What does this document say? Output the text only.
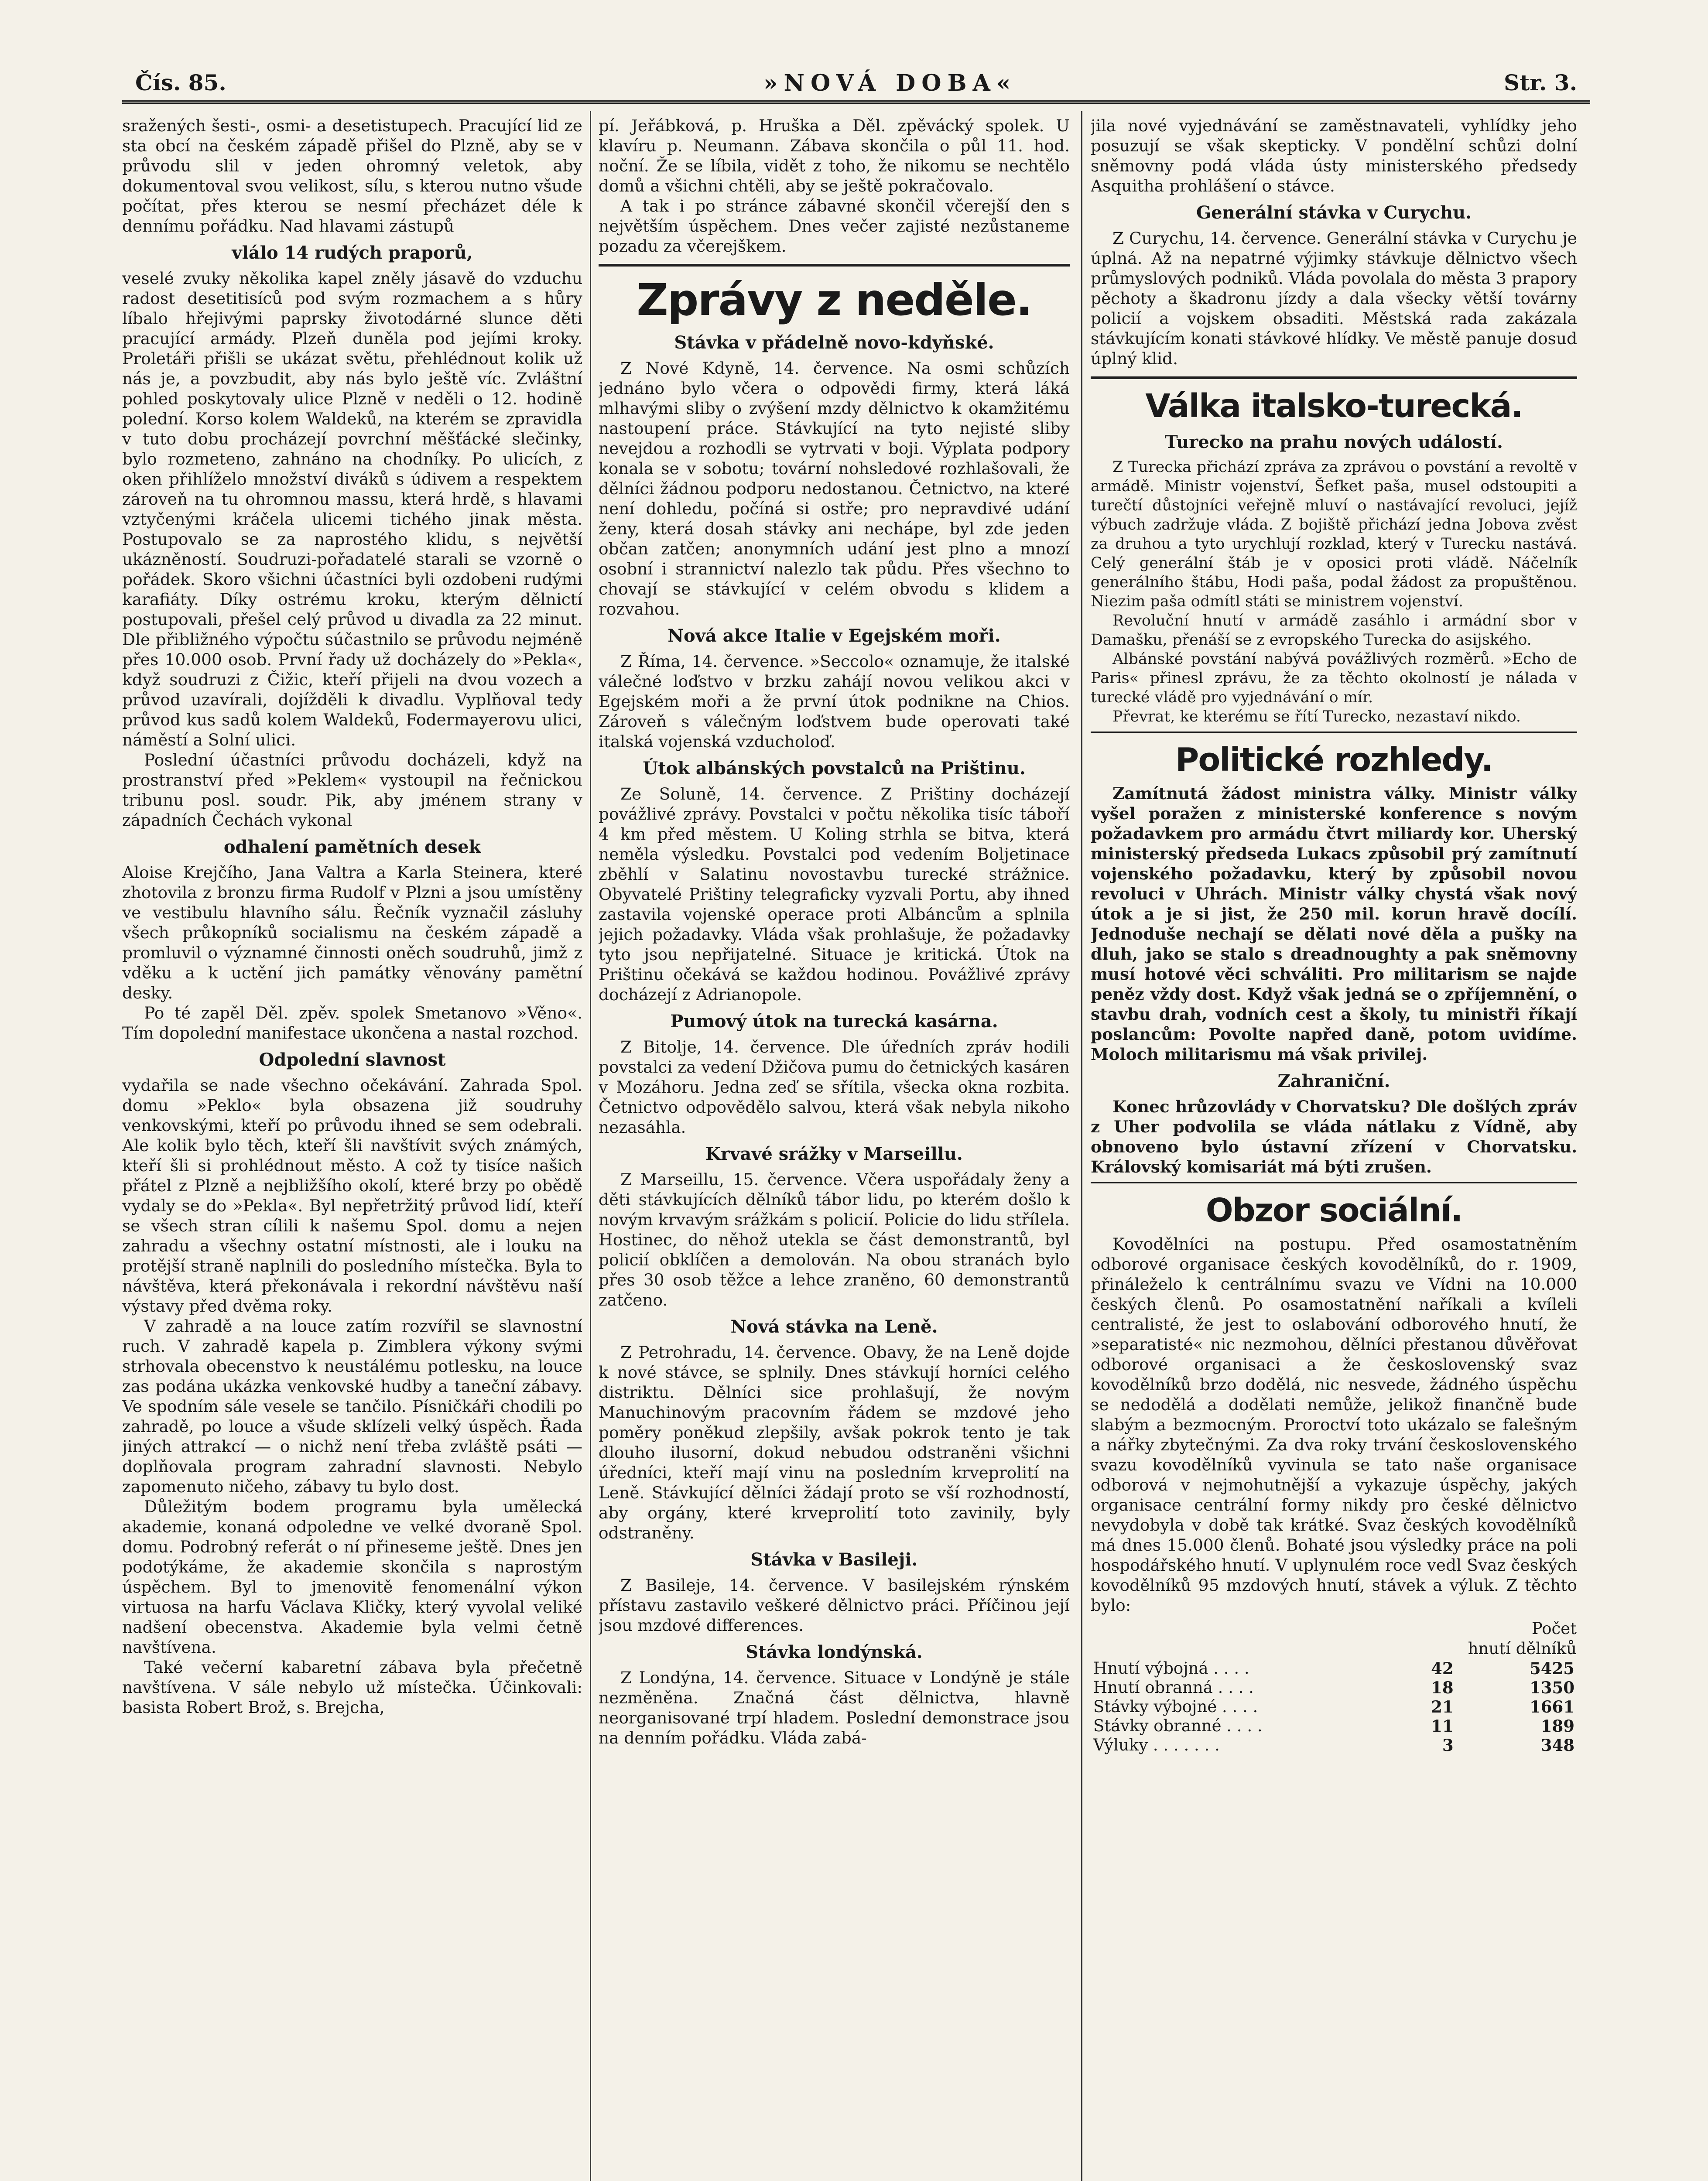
Čís. 85.	»NOVÁ DOBA«	Str. 3.

sražených šesti-, osmi- a desetistupech. Pracující lid ze sta obcí na českém západě přišel do Plzně, aby se v průvodu slil v jeden ohromný veletok, aby dokumentoval svou velikost, sílu, s kterou nutno všude počítat, přes kterou se nesmí přecházet déle k dennímu pořádku. Nad hlavami zástupů

vlálo 14 rudých praporů,

veselé zvuky několika kapel zněly jásavě do vzduchu radost desetitisíců pod svým rozmachem a s hůry líbalo hřejivými paprsky životodárné slunce děti pracující armády. Plzeň duněla pod jejími kroky. Proletáři přišli se ukázat světu, přehlédnout kolik už nás je, a povzbudit, aby nás bylo ještě víc. Zvláštní pohled poskytovaly ulice Plzně v neděli o 12. hodině polední. Korso kolem Waldeků, na kterém se zpravidla v tuto dobu procházejí povrchní měšťácké slečinky, bylo rozmeteno, zahnáno na chodníky. Po ulicích, z oken přihlíželo množství diváků s údivem a respektem zároveň na tu ohromnou massu, která hrdě, s hlavami vztyčenými kráčela ulicemi tichého jinak města. Postupovalo se za naprostého klidu, s největší ukázněností. Soudruzi-pořadatelé starali se vzorně o pořádek. Skoro všichni účastníci byli ozdobeni rudými karafiáty. Díky ostrému kroku, kterým dělnictí postupovali, přešel celý průvod u divadla za 22 minut. Dle přibližného výpočtu súčastnilo se průvodu nejméně přes 10.000 osob. První řady už docházely do »Pekla«, když soudruzi z Čižic, kteří přijeli na dvou vozech a průvod uzavírali, dojížděli k divadlu. Vyplňoval tedy průvod kus sadů kolem Waldeků, Fodermayerovu ulici, náměstí a Solní ulici.

Poslední účastníci průvodu docházeli, když na prostranství před »Peklem« vystoupil na řečnickou tribunu posl. soudr. Pik, aby jménem strany v západních Čechách vykonal

odhalení pamětních desek

Aloise Krejčího, Jana Valtra a Karla Steinera, které zhotovila z bronzu firma Rudolf v Plzni a jsou umístěny ve vestibulu hlavního sálu. Řečník vyznačil zásluhy všech průkopníků socialismu na českém západě a promluvil o významné činnosti oněch soudruhů, jimž z vděku a k uctění jich památky věnovány pamětní desky.

Po té zapěl Děl. zpěv. spolek Smetanovo »Věno«. Tím dopolední manifestace ukončena a nastal rozchod.

Odpolední slavnost

vydařila se nade všechno očekávání. Zahrada Spol. domu »Peklo« byla obsazena již soudruhy venkovskými, kteří po průvodu ihned se sem odebrali. Ale kolik bylo těch, kteří šli navštívit svých známých, kteří šli si prohlédnout město. A což ty tisíce našich přátel z Plzně a nejbližšího okolí, které brzy po obědě vydaly se do »Pekla«. Byl nepřetržitý průvod lidí, kteří se všech stran cílili k našemu Spol. domu a nejen zahradu a všechny ostatní místnosti, ale i louku na protější straně naplnili do posledního místečka. Byla to návštěva, která překonávala i rekordní návštěvu naší výstavy před dvěma roky.

V zahradě a na louce zatím rozvířil se slavnostní ruch. V zahradě kapela p. Zimblera výkony svými strhovala obecenstvo k neustálému potlesku, na louce zas podána ukázka venkovské hudby a taneční zábavy. Ve spodním sále vesele se tančilo. Písničkáři chodili po zahradě, po louce a všude sklízeli velký úspěch. Řada jiných attrakcí — o nichž není třeba zvláště psáti — doplňovala program zahradní slavnosti. Nebylo zapomenuto ničeho, zábavy tu bylo dost.

Důležitým bodem programu byla umělecká akademie, konaná odpoledne ve velké dvoraně Spol. domu. Podrobný referát o ní přineseme ještě. Dnes jen podotýkáme, že akademie skončila s naprostým úspěchem. Byl to jmenovitě fenomenální výkon virtuosa na harfu Václava Kličky, který vyvolal veliké nadšení obecenstva. Akademie byla velmi četně navštívena.

Také večerní kabaretní zábava byla přečetně navštívena. V sále nebylo už místečka. Účinkovali: basista Robert Brož, s. Brejcha,

pí. Jeřábková, p. Hruška a Děl. zpěvácký spolek. U klavíru p. Neumann. Zábava skončila o půl 11. hod. noční. Že se líbila, vidět z toho, že nikomu se nechtělo domů a všichni chtěli, aby se ještě pokračovalo.

A tak i po stránce zábavné skončil včerejší den s největším úspěchem. Dnes večer zajisté nezůstaneme pozadu za včerejškem.

Zprávy z neděle.
Stávka v přádelně novo-kdyňské.

Z Nové Kdyně, 14. července. Na osmi schůzích jednáno bylo včera o odpovědi firmy, která láká mlhavými sliby o zvýšení mzdy dělnictvo k okamžitému nastoupení práce. Stávkující na tyto nejisté sliby nevejdou a rozhodli se vytrvati v boji. Výplata podpory konala se v sobotu; tovární nohsledové rozhlašovali, že dělníci žádnou podporu nedostanou. Četnictvo, na které není dohledu, počíná si ostře; pro nepravdivé udání ženy, která dosah stávky ani nechápe, byl zde jeden občan zatčen; anonymních udání jest plno a mnozí osobní i strannictví nalezlo tak půdu. Přes všechno to chovají se stávkující v celém obvodu s klidem a rozvahou.

Nová akce Italie v Egejském moři.

Z Říma, 14. července. »Seccolo« oznamuje, že italské válečné loďstvo v brzku zahájí novou velikou akci v Egejském moři a že první útok podnikne na Chios. Zároveň s válečným loďstvem bude operovati také italská vojenská vzducholoď.

Útok albánských povstalců na Prištinu.

Ze Soluně, 14. července. Z Prištiny docházejí povážlivé zprávy. Povstalci v počtu několika tisíc táboří 4 km před městem. U Koling strhla se bitva, která neměla výsledku. Povstalci pod vedením Boljetinace zběhlí v Salatinu novostavbu turecké strážnice. Obyvatelé Prištiny telegraficky vyzvali Portu, aby ihned zastavila vojenské operace proti Albáncům a splnila jejich požadavky. Vláda však prohlašuje, že požadavky tyto jsou nepřijatelné. Situace je kritická. Útok na Prištinu očekává se každou hodinou. Povážlivé zprávy docházejí z Adrianopole.

Pumový útok na turecká kasárna.

Z Bitolje, 14. července. Dle úředních zpráv hodili povstalci za vedení Džičova pumu do četnických kasáren v Mozáhoru. Jedna zeď se sřítila, všecka okna rozbita. Četnictvo odpovědělo salvou, která však nebyla nikoho nezasáhla.

Krvavé srážky v Marseillu.

Z Marseillu, 15. července. Včera uspořádaly ženy a děti stávkujících dělníků tábor lidu, po kterém došlo k novým krvavým srážkám s policií. Policie do lidu střílela. Hostinec, do něhož utekla se část demonstrantů, byl policií obklíčen a demolován. Na obou stranách bylo přes 30 osob těžce a lehce zraněno, 60 demonstrantů zatčeno.

Nová stávka na Leně.

Z Petrohradu, 14. července. Obavy, že na Leně dojde k nové stávce, se splnily. Dnes stávkují horníci celého distriktu. Dělníci sice prohlašují, že novým Manuchinovým pracovním řádem se mzdové jeho poměry poněkud zlepšily, avšak pokrok tento je tak dlouho ilusorní, dokud nebudou odstraněni všichni úředníci, kteří mají vinu na posledním krveprolití na Leně. Stávkující dělníci žádají proto se vší rozhodností, aby orgány, které krveprolití toto zavinily, byly odstraněny.

Stávka v Basileji.

Z Basileje, 14. července. V basilejském rýnském přístavu zastavilo veškeré dělnictvo práci. Příčinou její jsou mzdové differences.

Stávka londýnská.

Z Londýna, 14. července. Situace v Londýně je stále nezměněna. Značná část dělnictva, hlavně neorganisované trpí hladem. Poslední demonstrace jsou na denním pořádku. Vláda zabá-

jila nové vyjednávání se zaměstnavateli, vyhlídky jeho posuzují se však skepticky. V pondělní schůzi dolní sněmovny podá vláda ústy ministerského předsedy Asquitha prohlášení o stávce.

Generální stávka v Curychu.

Z Curychu, 14. července. Generální stávka v Curychu je úplná. Až na nepatrné výjimky stávkuje dělnictvo všech průmyslových podniků. Vláda povolala do města 3 prapory pěchoty a škadronu jízdy a dala všecky větší továrny policií a vojskem obsaditi. Městská rada zakázala stávkujícím konati stávkové hlídky. Ve městě panuje dosud úplný klid.

Válka italsko-turecká.
Turecko na prahu nových událostí.

Z Turecka přichází zpráva za zprávou o povstání a revoltě v armádě. Ministr vojenství, Šefket paša, musel odstoupiti a turečtí důstojníci veřejně mluví o nastávající revoluci, jejíž výbuch zadržuje vláda. Z bojiště přichází jedna Jobova zvěst za druhou a tyto urychlují rozklad, který v Turecku nastává. Celý generální štáb je v oposici proti vládě. Náčelník generálního štábu, Hodi paša, podal žádost za propuštěnou. Niezim paša odmítl státi se ministrem vojenství.

Revoluční hnutí v armádě zasáhlo i armádní sbor v Damašku, přenáší se z evropského Turecka do asijského.

Albánské povstání nabývá povážlivých rozměrů. »Echo de Paris« přinesl zprávu, že za těchto okolností je nálada v turecké vládě pro vyjednávání o mír.

Převrat, ke kterému se řítí Turecko, nezastaví nikdo.

Politické rozhledy.

Zamítnutá žádost ministra války. Ministr války vyšel poražen z ministerské konference s novým požadavkem pro armádu čtvrt miliardy kor. Uherský ministerský předseda Lukacs způsobil prý zamítnutí vojenského požadavku, který by způsobil novou revoluci v Uhrách. Ministr války chystá však nový útok a je si jist, že 250 mil. korun hravě docílí. Jednoduše nechají se dělati nové děla a pušky na dluh, jako se stalo s dreadnoughty a pak sněmovny musí hotové věci schváliti. Pro militarism se najde peněz vždy dost. Když však jedná se o zpříjemnění, o stavbu drah, vodních cest a školy, tu ministři říkají poslancům: Povolte napřed daně, potom uvidíme. Moloch militarismu má však privilej.

Zahraniční.

Konec hrůzovlády v Chorvatsku? Dle došlých zpráv z Uher podvolila se vláda nátlaku z Vídně, aby obnoveno bylo ústavní zřízení v Chorvatsku. Královský komisariát má býti zrušen.

Obzor sociální.

Kovodělníci na postupu. Před osamostatněním odborové organisace českých kovodělníků, do r. 1909, přináleželo k centrálnímu svazu ve Vídni na 10.000 českých členů. Po osamostatnění naříkali a kvíleli centralisté, že jest to oslabování odborového hnutí, že »separatisté« nic nezmohou, dělníci přestanou důvěřovat odborové organisaci a že československý svaz kovodělníků brzo dodělá, nic nesvede, žádného úspěchu se nedodělá a dodělati nemůže, jelikož finančně bude slabým a bezmocným. Proroctví toto ukázalo se falešným a nářky zbytečnými. Za dva roky trvání československého svazu kovodělníků vyvinula se tato naše organisace odborová v nejmohutnější a vykazuje úspěchy, jakých organisace centrální formy nikdy pro české dělnictvo nevydobyla v době tak krátké. Svaz českých kovodělníků má dnes 15.000 členů. Bohaté jsou výsledky práce na poli hospodářského hnutí. V uplynulém roce vedl Svaz českých kovodělníků 95 mzdových hnutí, stávek a výluk. Z těchto bylo:

	Počet	
	hnutí dělníků	
Hnutí výbojná . . . .	42	5425
Hnutí obranná . . . .	18	1350
Stávky výbojné . . . .	21	1661
Stávky obranné . . . .	11	189
Výluky . . . . . . .	3	348
